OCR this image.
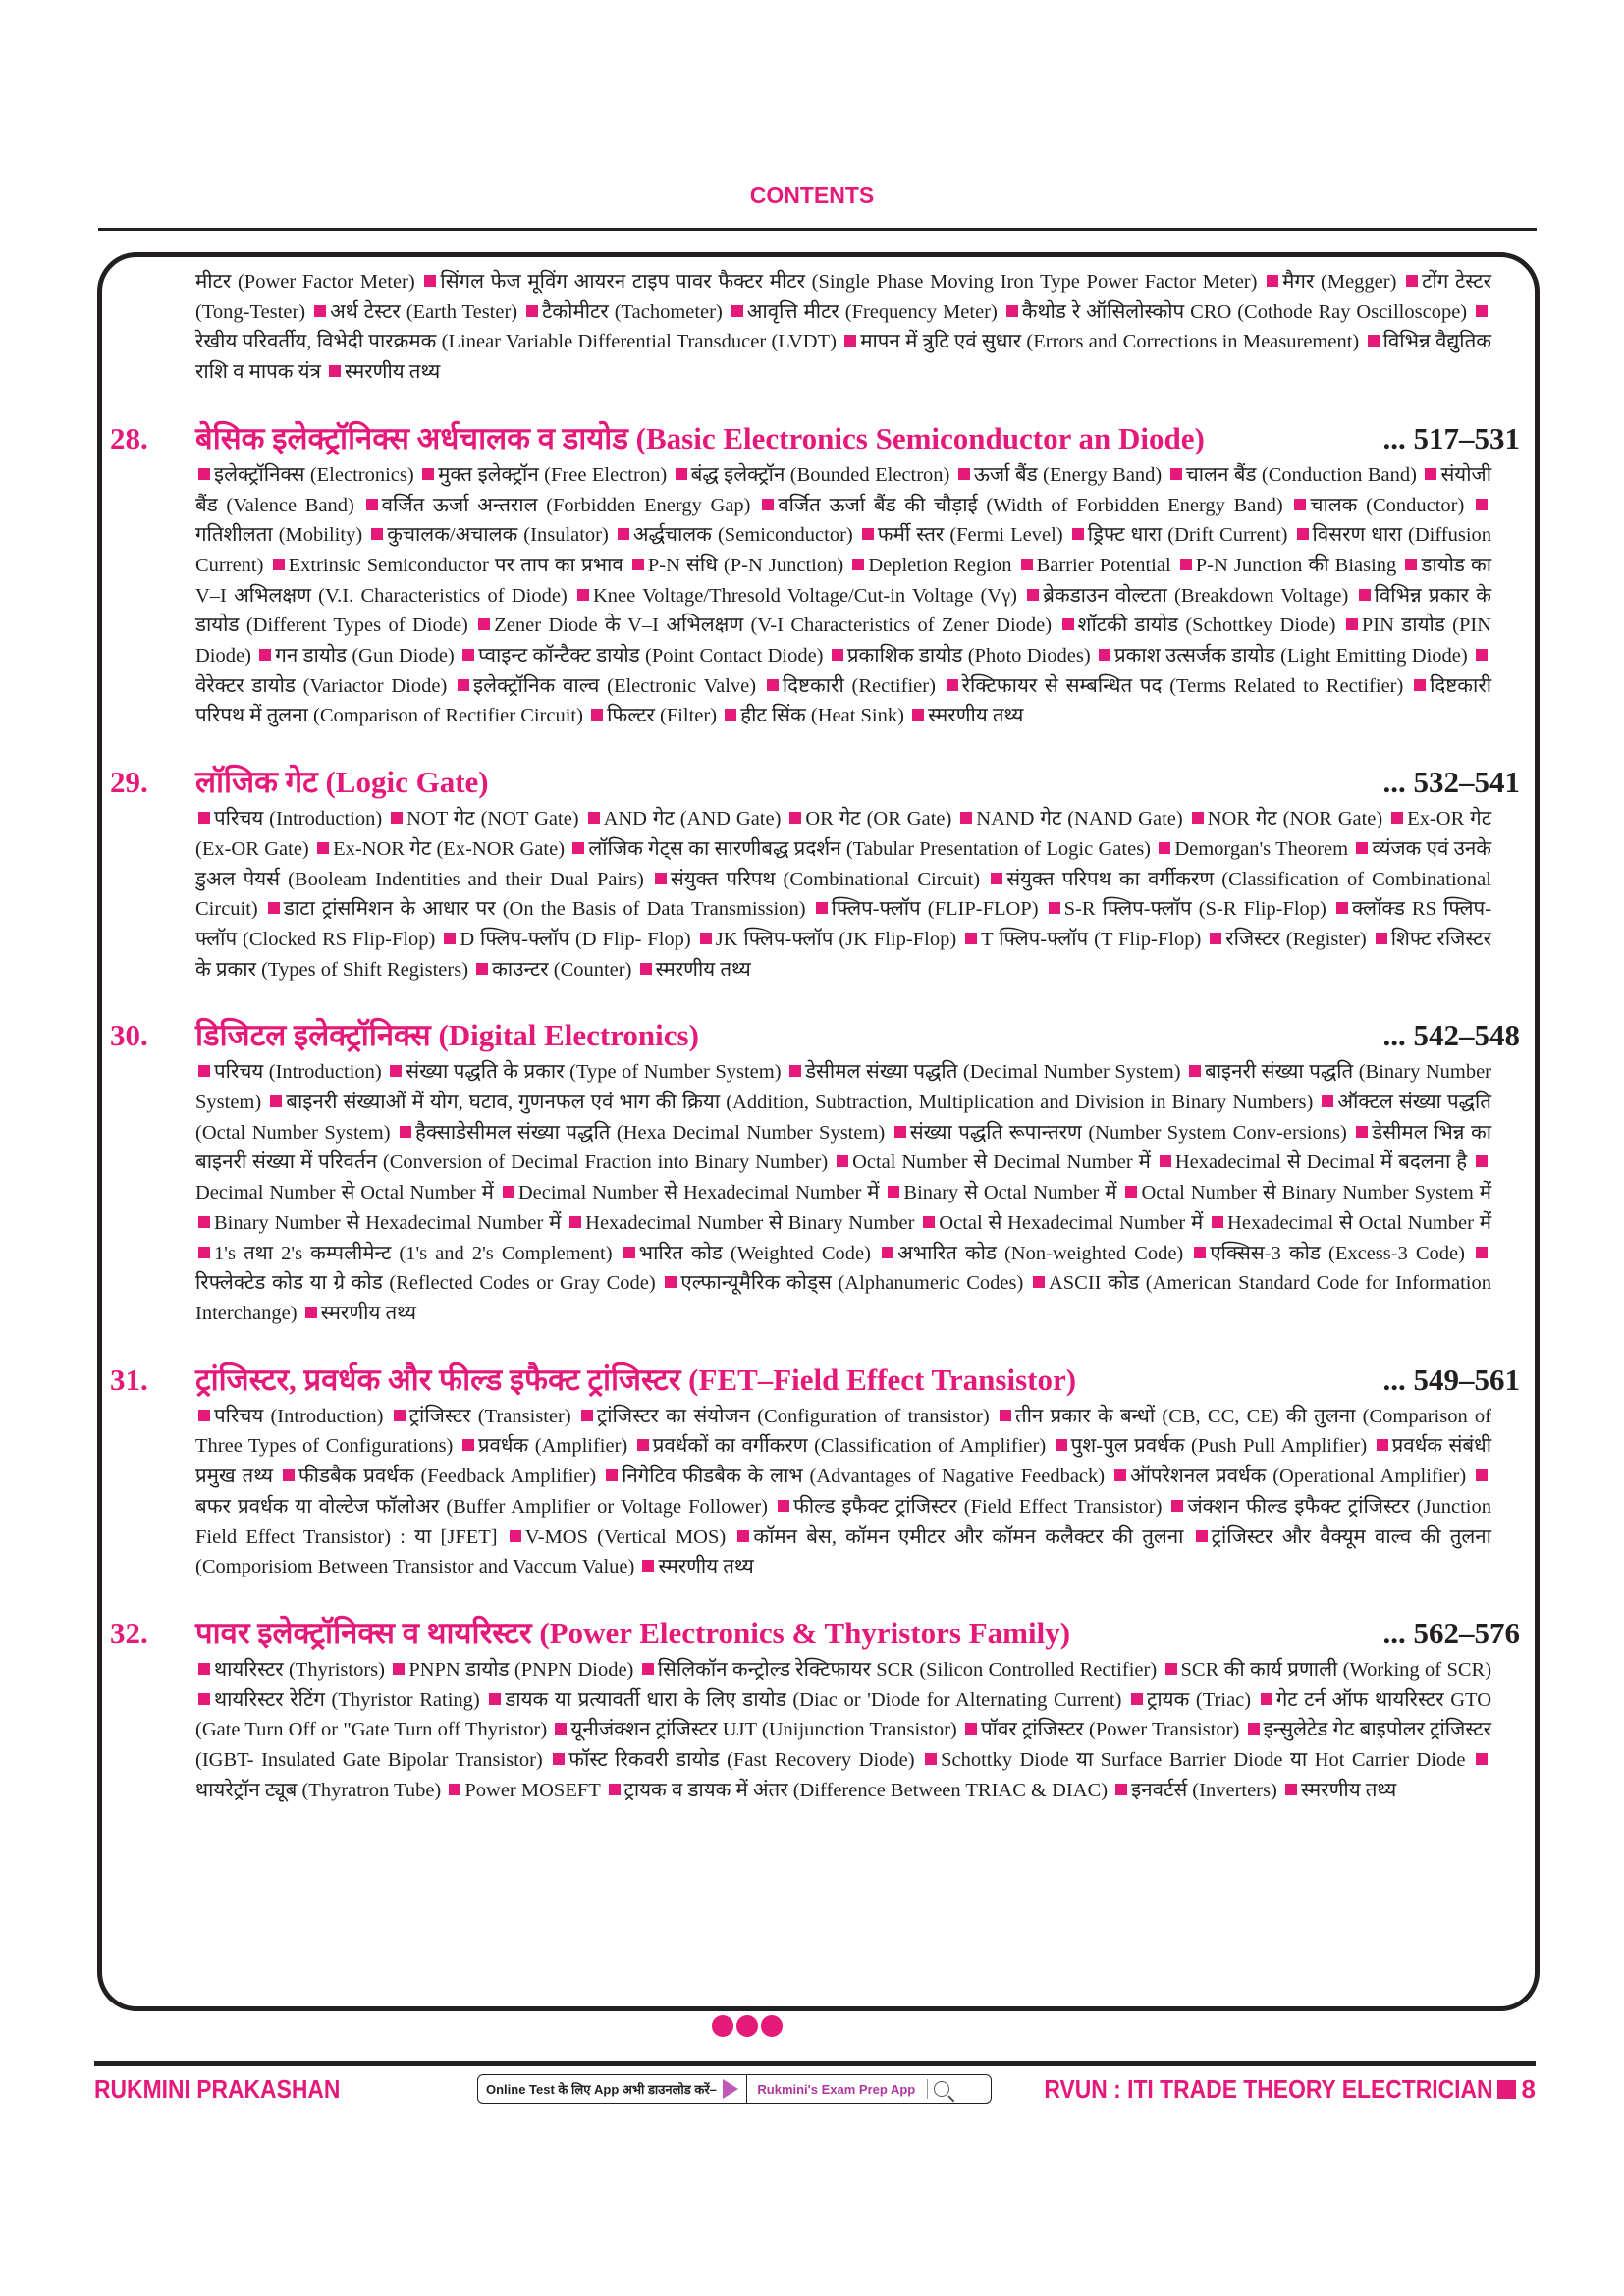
CONTENTS
मीटर (Power Factor Meter) सिंगल फेज मूविंग आयरन टाइप पावर फैक्टर मीटर (Single Phase Moving Iron Type Power Factor Meter) मैगर (Megger) टोंग टेस्टर (Tong-Tester) अर्थ टेस्टर (Earth Tester) टैकोमीटर (Tachometer) आवृत्ति मीटर (Frequency Meter) कैथोड रे ऑसिलोस्कोप CRO (Cothode Ray Oscilloscope) रेखीय परिवर्तीय, विभेदी पारक्रमक (Linear Variable Differential Transducer (LVDT) मापन में त्रुटि एवं सुधार (Errors and Corrections in Measurement) विभिन्न वैद्युतिक राशि व मापक यंत्र स्मरणीय तथ्य
28.	बेसिक इलेक्ट्रॉनिक्स अर्धचालक व डायोड (Basic Electronics Semiconductor an Diode)	... 517–531
इलेक्ट्रॉनिक्स (Electronics) मुक्त इलेक्ट्रॉन (Free Electron) बंद्ध इलेक्ट्रॉन (Bounded Electron) ऊर्जा बैंड (Energy Band) चालन बैंड (Conduction Band) संयोजी बैंड (Valence Band) वर्जित ऊर्जा अन्तराल (Forbidden Energy Gap) वर्जित ऊर्जा बैंड की चौड़ाई (Width of Forbidden Energy Band) चालक (Conductor) गतिशीलता (Mobility) कुचालक/अचालक (Insulator) अर्द्धचालक (Semiconductor) फर्मी स्तर (Fermi Level) ड्रिफ्ट धारा (Drift Current) विसरण धारा (Diffusion Current) Extrinsic Semiconductor पर ताप का प्रभाव P-N संधि (P-N Junction) Depletion Region Barrier Potential P-N Junction की Biasing डायोड का V–I अभिलक्षण (V.I. Characteristics of Diode) Knee Voltage/Thresold Voltage/Cut-in Voltage (Vγ) ब्रेकडाउन वोल्टता (Breakdown Voltage) विभिन्न प्रकार के डायोड (Different Types of Diode) Zener Diode के V–I अभिलक्षण (V-I Characteristics of Zener Diode) शॉटकी डायोड (Schottkey Diode) PIN डायोड (PIN Diode) गन डायोड (Gun Diode) प्वाइन्ट कॉन्टैक्ट डायोड (Point Contact Diode) प्रकाशिक डायोड (Photo Diodes) प्रकाश उत्सर्जक डायोड (Light Emitting Diode) वेरेक्टर डायोड (Variactor Diode) इलेक्ट्रॉनिक वाल्व (Electronic Valve) दिष्टकारी (Rectifier) रेक्टिफायर से सम्बन्धित पद (Terms Related to Rectifier) दिष्टकारी परिपथ में तुलना (Comparison of Rectifier Circuit) फिल्टर (Filter) हीट सिंक (Heat Sink) स्मरणीय तथ्य
29.	लॉजिक गेट (Logic Gate)	... 532–541
परिचय (Introduction) NOT गेट (NOT Gate) AND गेट (AND Gate) OR गेट (OR Gate) NAND गेट (NAND Gate) NOR गेट (NOR Gate) Ex-OR गेट (Ex-OR Gate) Ex-NOR गेट (Ex-NOR Gate) लॉजिक गेट्स का सारणीबद्ध प्रदर्शन (Tabular Presentation of Logic Gates) Demorgan's Theorem व्यंजक एवं उनके डुअल पेयर्स (Booleam Indentities and their Dual Pairs) संयुक्त परिपथ (Combinational Circuit) संयुक्त परिपथ का वर्गीकरण (Classification of Combinational Circuit) डाटा ट्रांसमिशन के आधार पर (On the Basis of Data Transmission) फ्लिप-फ्लॉप (FLIP-FLOP) S-R फ्लिप-फ्लॉप (S-R Flip-Flop) क्लॉक्ड RS फ्लिप-फ्लॉप (Clocked RS Flip-Flop) D फ्लिप-फ्लॉप (D Flip- Flop) JK फ्लिप-फ्लॉप (JK Flip-Flop) T फ्लिप-फ्लॉप (T Flip-Flop) रजिस्टर (Register) शिफ्ट रजिस्टर के प्रकार (Types of Shift Registers) काउन्टर (Counter) स्मरणीय तथ्य
30.	डिजिटल इलेक्ट्रॉनिक्स (Digital Electronics)	... 542–548
परिचय (Introduction) संख्या पद्धति के प्रकार (Type of Number System) डेसीमल संख्या पद्धति (Decimal Number System) बाइनरी संख्या पद्धति (Binary Number System) बाइनरी संख्याओं में योग, घटाव, गुणनफल एवं भाग की क्रिया (Addition, Subtraction, Multiplication and Division in Binary Numbers) ऑक्टल संख्या पद्धति (Octal Number System) हैक्साडेसीमल संख्या पद्धति (Hexa Decimal Number System) संख्या पद्धति रूपान्तरण (Number System Conv-ersions) डेसीमल भिन्न का बाइनरी संख्या में परिवर्तन (Conversion of Decimal Fraction into Binary Number) Octal Number से Decimal Number में Hexadecimal से Decimal में बदलना है Decimal Number से Octal Number में Decimal Number से Hexadecimal Number में Binary से Octal Number में Octal Number से Binary Number System में Binary Number से Hexadecimal Number में Hexadecimal Number से Binary Number Octal से Hexadecimal Number में Hexadecimal से Octal Number में 1's तथा 2's कम्पलीमेन्ट (1's and 2's Complement) भारित कोड (Weighted Code) अभारित कोड (Non-weighted Code) एक्सिस-3 कोड (Excess-3 Code) रिफ्लेक्टेड कोड या ग्रे कोड (Reflected Codes or Gray Code) एल्फान्यूमैरिक कोड्स (Alphanumeric Codes) ASCII कोड (American Standard Code for Information Interchange) स्मरणीय तथ्य
31.	ट्रांजिस्टर, प्रवर्धक और फील्ड इफैक्ट ट्रांजिस्टर (FET–Field Effect Transistor)	... 549–561
परिचय (Introduction) ट्रांजिस्टर (Transister) ट्रांजिस्टर का संयोजन (Configuration of transistor) तीन प्रकार के बन्धों (CB, CC, CE) की तुलना (Comparison of Three Types of Configurations) प्रवर्धक (Amplifier) प्रवर्धकों का वर्गीकरण (Classification of Amplifier) पुश-पुल प्रवर्धक (Push Pull Amplifier) प्रवर्धक संबंधी प्रमुख तथ्य फीडबैक प्रवर्धक (Feedback Amplifier) निगेटिव फीडबैक के लाभ (Advantages of Nagative Feedback) ऑपरेशनल प्रवर्धक (Operational Amplifier) बफर प्रवर्धक या वोल्टेज फॉलोअर (Buffer Amplifier or Voltage Follower) फील्ड इफैक्ट ट्रांजिस्टर (Field Effect Transistor) जंक्शन फील्ड इफैक्ट ट्रांजिस्टर (Junction Field Effect Transistor) : या [JFET] V-MOS (Vertical MOS) कॉमन बेस, कॉमन एमीटर और कॉमन कलैक्टर की तुलना ट्रांजिस्टर और वैक्यूम वाल्व की तुलना (Comporisiom Between Transistor and Vaccum Value) स्मरणीय तथ्य
32.	पावर इलेक्ट्रॉनिक्स व थायरिस्टर (Power Electronics & Thyristors Family)	... 562–576
थायरिस्टर (Thyristors) PNPN डायोड (PNPN Diode) सिलिकॉन कन्ट्रोल्ड रेक्टिफायर SCR (Silicon Controlled Rectifier) SCR की कार्य प्रणाली (Working of SCR) थायरिस्टर रेटिंग (Thyristor Rating) डायक या प्रत्यावर्ती धारा के लिए डायोड (Diac or 'Diode for Alternating Current) ट्रायक (Triac) गेट टर्न ऑफ थायरिस्टर GTO (Gate Turn Off or "Gate Turn off Thyristor) यूनीजंक्शन ट्रांजिस्टर UJT (Unijunction Transistor) पॉवर ट्रांजिस्टर (Power Transistor) इन्सुलेटेड गेट बाइपोलर ट्रांजिस्टर (IGBT- Insulated Gate Bipolar Transistor) फॉस्ट रिकवरी डायोड (Fast Recovery Diode) Schottky Diode या Surface Barrier Diode या Hot Carrier Diode थायरेट्रॉन ट्यूब (Thyratron Tube) Power MOSEFT ट्रायक व डायक में अंतर (Difference Between TRIAC & DIAC) इनवर्टर्स (Inverters) स्मरणीय तथ्य
RUKMINI PRAKASHAN	Online Test के लिए App अभी डाउनलोड करें–	Rukmini's Exam Prep App	RVUN : ITI TRADE THEORY ELECTRICIAN 8
